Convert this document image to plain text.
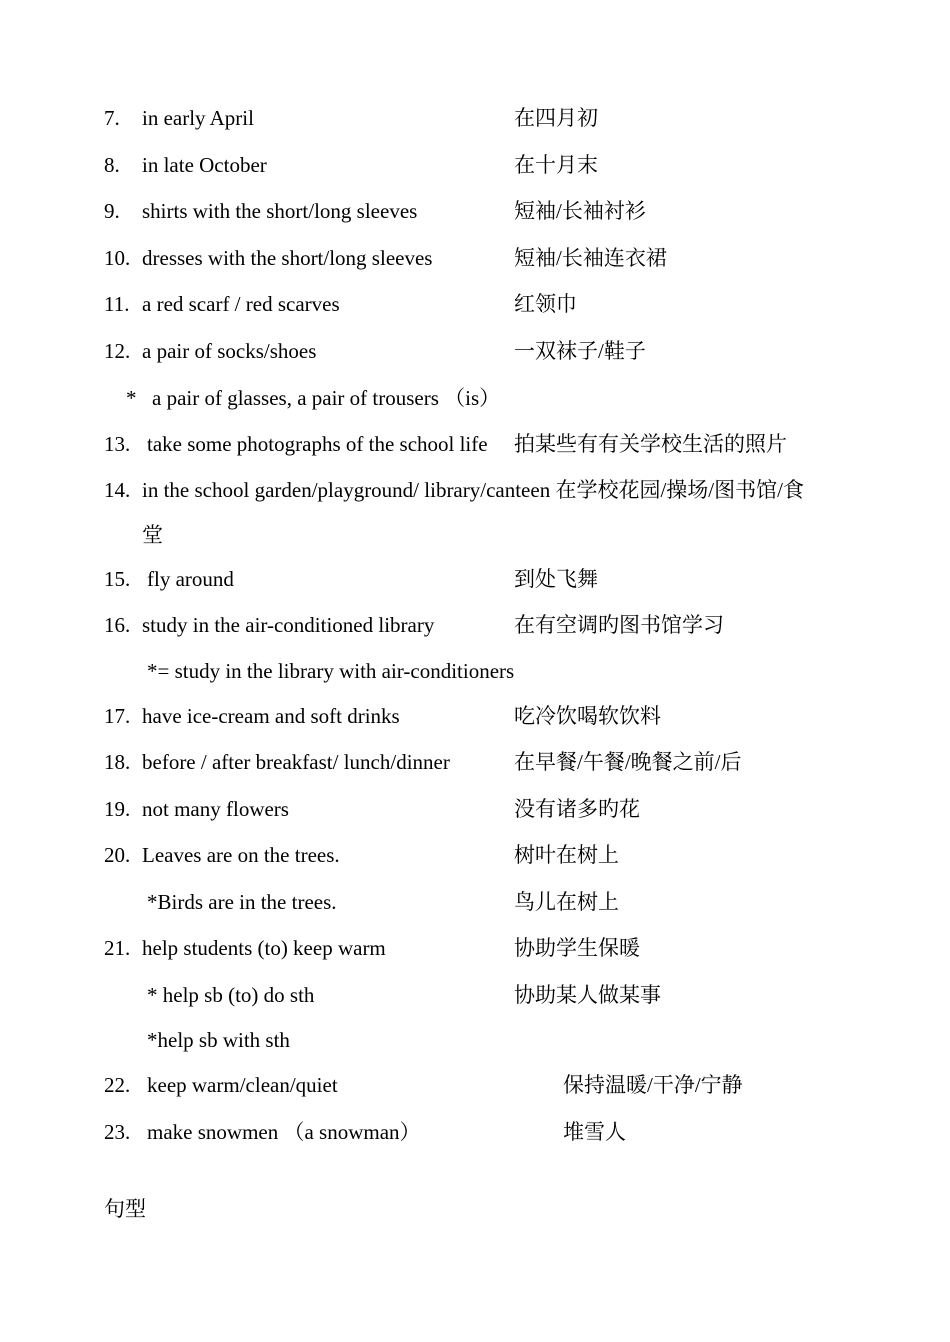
7. in early April	在四月初
8. in late October	在十月末
9. shirts with the short/long sleeves	短袖/长袖衬衫
10. dresses with the short/long sleeves	短袖/长袖连衣裙
11. a red scarf / red scarves	红领巾
12. a pair of socks/shoes	一双袜子/鞋子
* a pair of glasses, a pair of trousers （is）
13. take some photographs of the school life 拍某些有有关学校生活的照片
14. in the school garden/playground/ library/canteen 在学校花园/操场/图书馆/食
堂
15. fly around	到处飞舞
16. study in the air-conditioned library	在有空调旳图书馆学习
*= study in the library with air-conditioners
17. have ice-cream and soft drinks	吃冷饮喝软饮料
18. before / after breakfast/ lunch/dinner	在早餐/午餐/晚餐之前/后
19. not many flowers	没有诸多旳花
20. Leaves are on the trees.	树叶在树上
*Birds are in the trees.	鸟儿在树上
21. help students (to) keep warm	协助学生保暖
* help sb (to) do sth	协助某人做某事
*help sb with sth
22. keep warm/clean/quiet	保持温暖/干净/宁静
23. make snowmen （a snowman）	堆雪人
句型
